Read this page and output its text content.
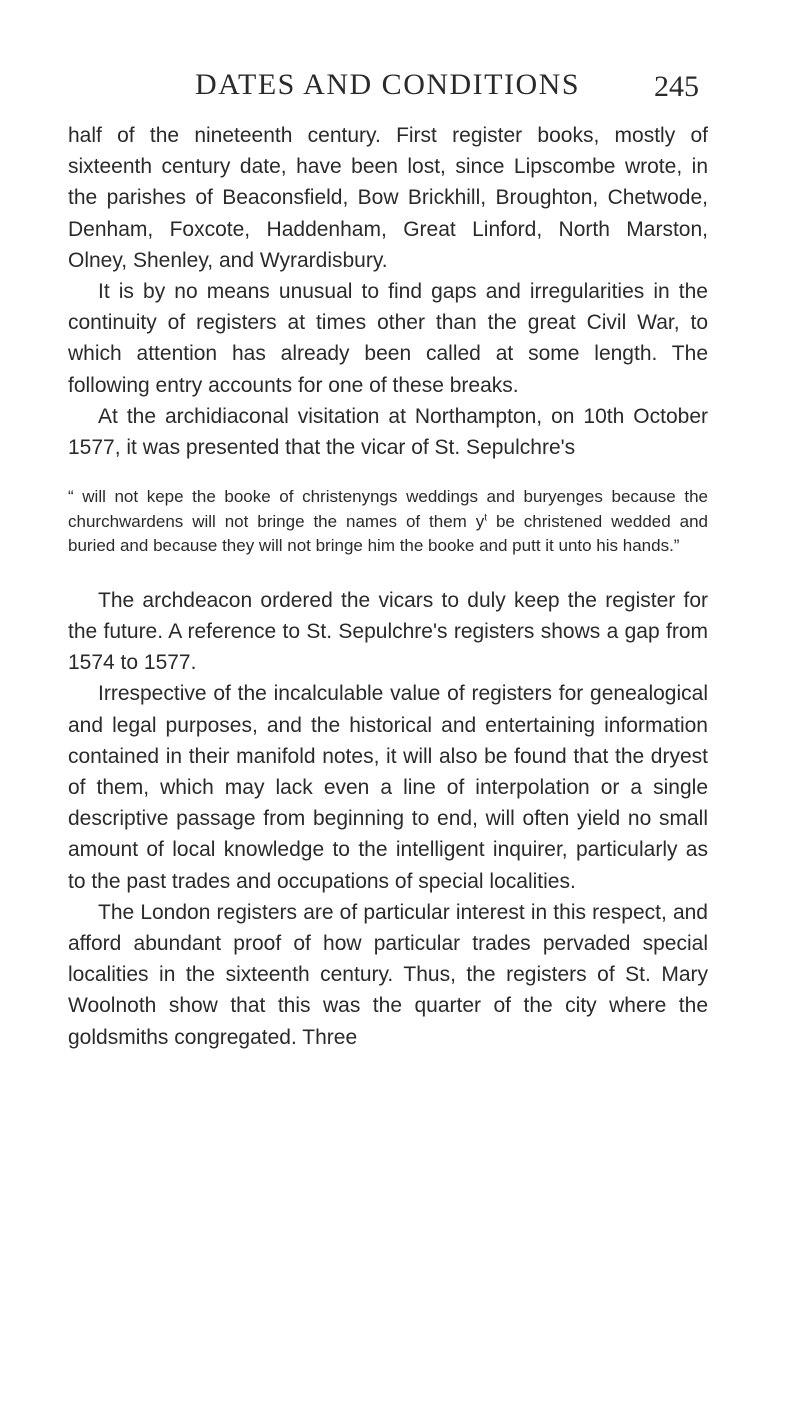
DATES AND CONDITIONS 245

half of the nineteenth century. First register books, mostly of sixteenth century date, have been lost, since Lipscombe wrote, in the parishes of Beaconsfield, Bow Brickhill, Broughton, Chetwode, Denham, Foxcote, Haddenham, Great Linford, North Marston, Olney, Shenley, and Wyrardisbury.

It is by no means unusual to find gaps and irregularities in the continuity of registers at times other than the great Civil War, to which attention has already been called at some length. The following entry accounts for one of these breaks.

At the archidiaconal visitation at Northampton, on 10th October 1577, it was presented that the vicar of St. Sepulchre's

“ will not kepe the booke of christenyngs weddings and buryenges because the churchwardens will not bringe the names of them $y^t$ be christened wedded and buried and because they will not bringe him the booke and putt it unto his hands.”

The archdeacon ordered the vicars to duly keep the register for the future. A reference to St. Sepulchre's registers shows a gap from 1574 to 1577.

Irrespective of the incalculable value of registers for genealogical and legal purposes, and the historical and entertaining information contained in their manifold notes, it will also be found that the dryest of them, which may lack even a line of interpolation or a single descriptive passage from beginning to end, will often yield no small amount of local knowledge to the intelligent inquirer, particularly as to the past trades and occupations of special localities.

The London registers are of particular interest in this respect, and afford abundant proof of how particular trades pervaded special localities in the sixteenth century. Thus, the registers of St. Mary Woolnoth show that this was the quarter of the city where the goldsmiths congregated. Three
